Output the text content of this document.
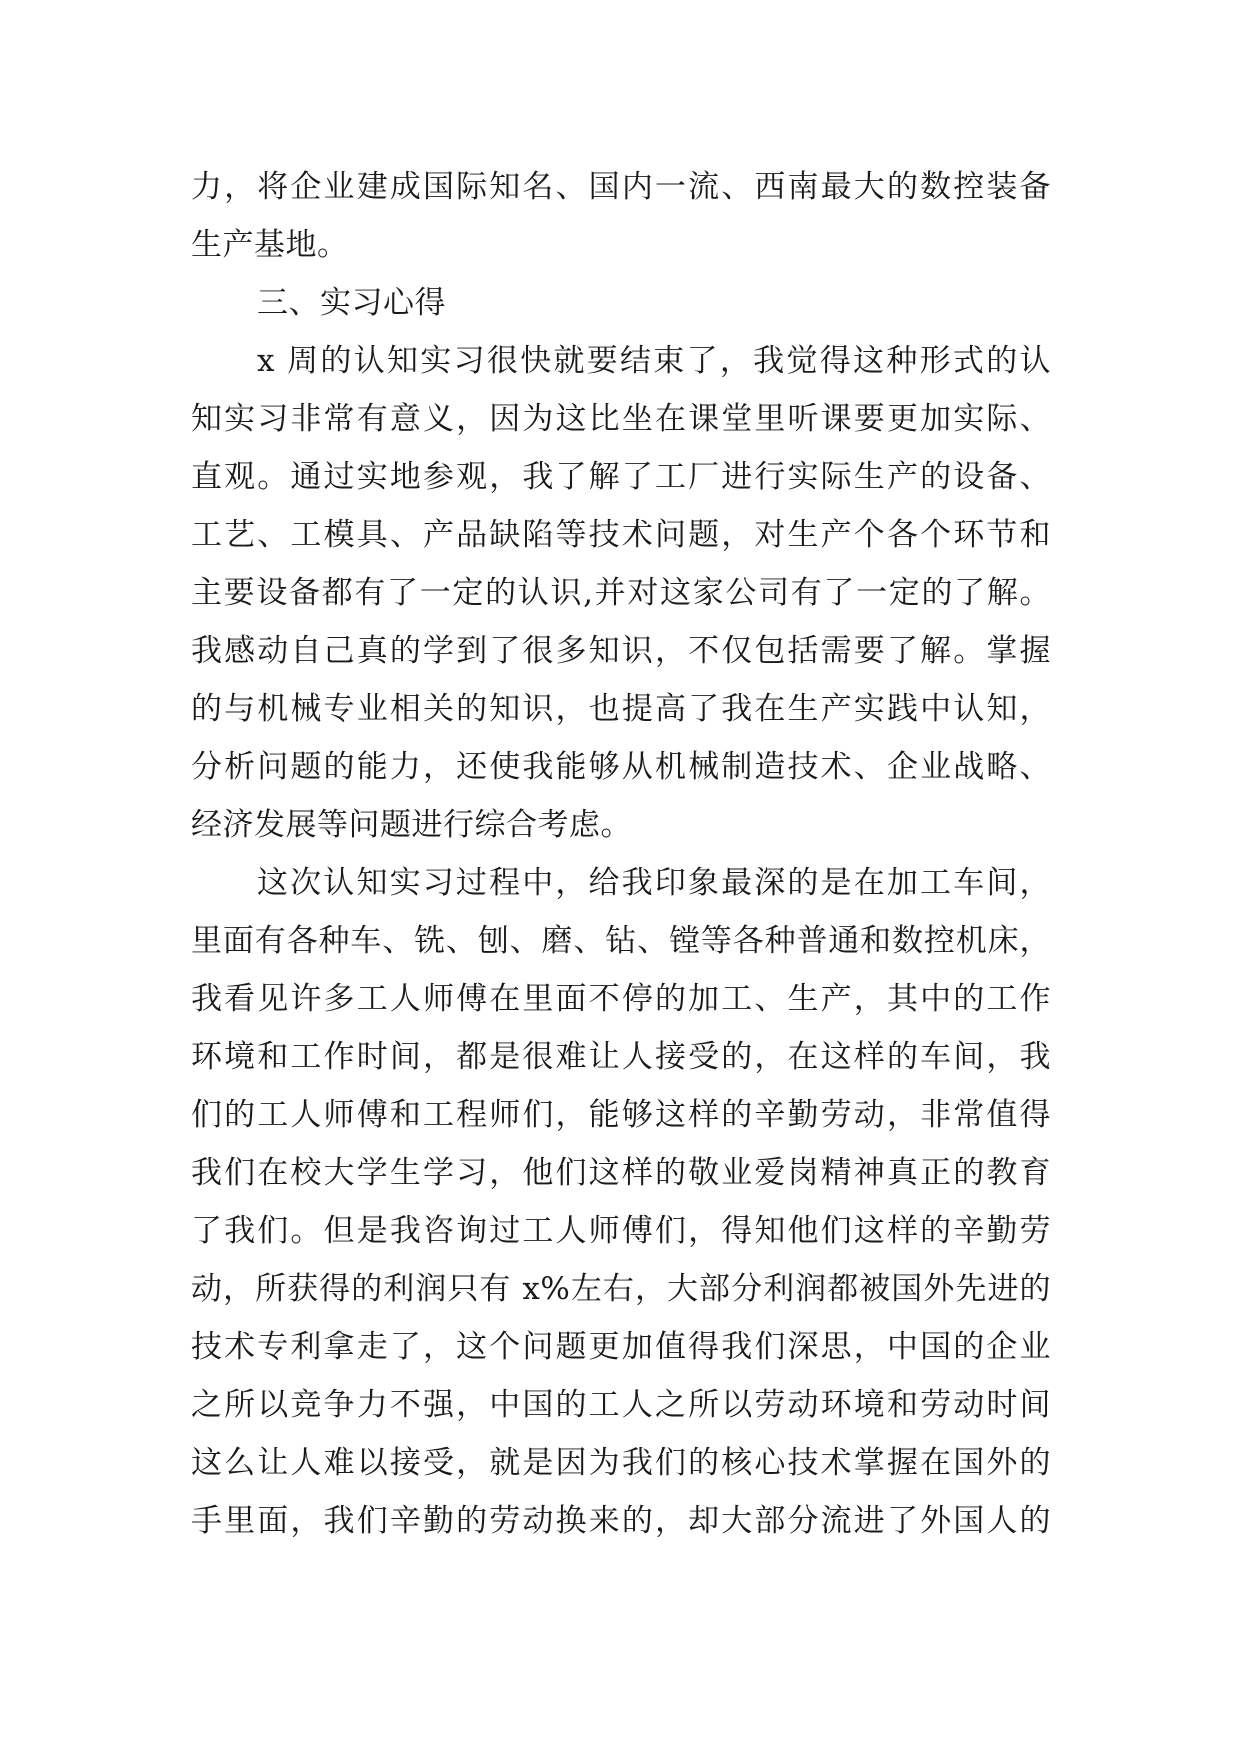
力，将企业建成国际知名、国内一流、西南最大的数控装备
生产基地。
三、实习心得
x 周的认知实习很快就要结束了，我觉得这种形式的认
知实习非常有意义，因为这比坐在课堂里听课要更加实际、
直观。通过实地参观，我了解了工厂进行实际生产的设备、
工艺、工模具、产品缺陷等技术问题，对生产个各个环节和
主要设备都有了一定的认识,并对这家公司有了一定的了解。
我感动自己真的学到了很多知识，不仅包括需要了解。掌握
的与机械专业相关的知识，也提高了我在生产实践中认知，
分析问题的能力，还使我能够从机械制造技术、企业战略、
经济发展等问题进行综合考虑。
这次认知实习过程中，给我印象最深的是在加工车间，
里面有各种车、铣、刨、磨、钻、镗等各种普通和数控机床，
我看见许多工人师傅在里面不停的加工、生产，其中的工作
环境和工作时间，都是很难让人接受的，在这样的车间，我
们的工人师傅和工程师们，能够这样的辛勤劳动，非常值得
我们在校大学生学习，他们这样的敬业爱岗精神真正的教育
了我们。但是我咨询过工人师傅们，得知他们这样的辛勤劳
动，所获得的利润只有 x%左右，大部分利润都被国外先进的
技术专利拿走了，这个问题更加值得我们深思，中国的企业
之所以竞争力不强，中国的工人之所以劳动环境和劳动时间
这么让人难以接受，就是因为我们的核心技术掌握在国外的
手里面，我们辛勤的劳动换来的，却大部分流进了外国人的
